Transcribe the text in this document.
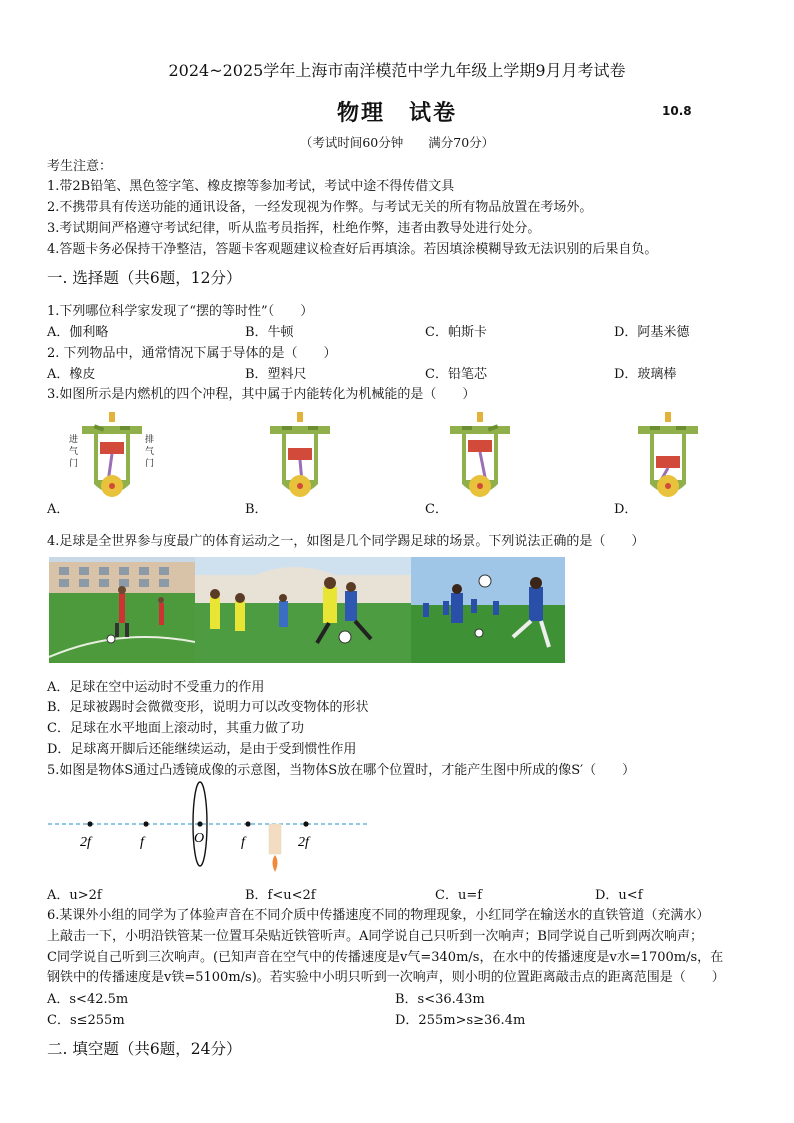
2024~2025学年上海市南洋模范中学九年级上学期9月月考试卷
物理　试卷	10.8
（考试时间60分钟　　满分70分）
考生注意：
1.带2B铅笔、黑色签字笔、橡皮擦等参加考试，考试中途不得传借文具
2.不携带具有传送功能的通讯设备，一经发现视为作弊。与考试无关的所有物品放置在考场外。
3.考试期间严格遵守考试纪律，听从监考员指挥，杜绝作弊，违者由教导处进行处分。
4.答题卡务必保持干净整洁，答题卡客观题建议检查好后再填涂。若因填涂模糊导致无法识别的后果自负。
一. 选择题（共6题，12分）
1.下列哪位科学家发现了“摆的等时性”（　　）
A．伽利略	B．牛顿	C．帕斯卡	D．阿基米德
2. 下列物品中，通常情况下属于导体的是（　　）
A．橡皮	B．塑料尺	C．铅笔芯	D．玻璃棒
3.如图所示是内燃机的四个冲程，其中属于内能转化为机械能的是（　　）
进气门
排气门
A．	B．	C．	D．
4.足球是全世界参与度最广的体育运动之一，如图是几个同学踢足球的场景。下列说法正确的是（　　）
A．足球在空中运动时不受重力的作用
B．足球被踢时会微微变形，说明力可以改变物体的形状
C．足球在水平地面上滚动时，其重力做了功
D．足球离开脚后还能继续运动，是由于受到惯性作用
5.如图是物体S通过凸透镜成像的示意图，当物体S放在哪个位置时，才能产生图中所成的像S′（　　）
2f	f	O	f	2f
A．u>2f	B．f<u<2f	C．u=f	D．u<f
6.某课外小组的同学为了体验声音在不同介质中传播速度不同的物理现象，小红同学在输送水的直铁管道（充满水）
上敲击一下，小明沿铁管某一位置耳朵贴近铁管听声。A同学说自己只听到一次响声；B同学说自己听到两次响声；
C同学说自己听到三次响声。(已知声音在空气中的传播速度是v气=340m/s，在水中的传播速度是v水=1700m/s，在
钢铁中的传播速度是v铁=5100m/s)。若实验中小明只听到一次响声，则小明的位置距离敲击点的距离范围是（　　）
A．s<42.5m	B．s<36.43m
C．s≤255m	D．255m>s≥36.4m
二. 填空题（共6题，24分）
